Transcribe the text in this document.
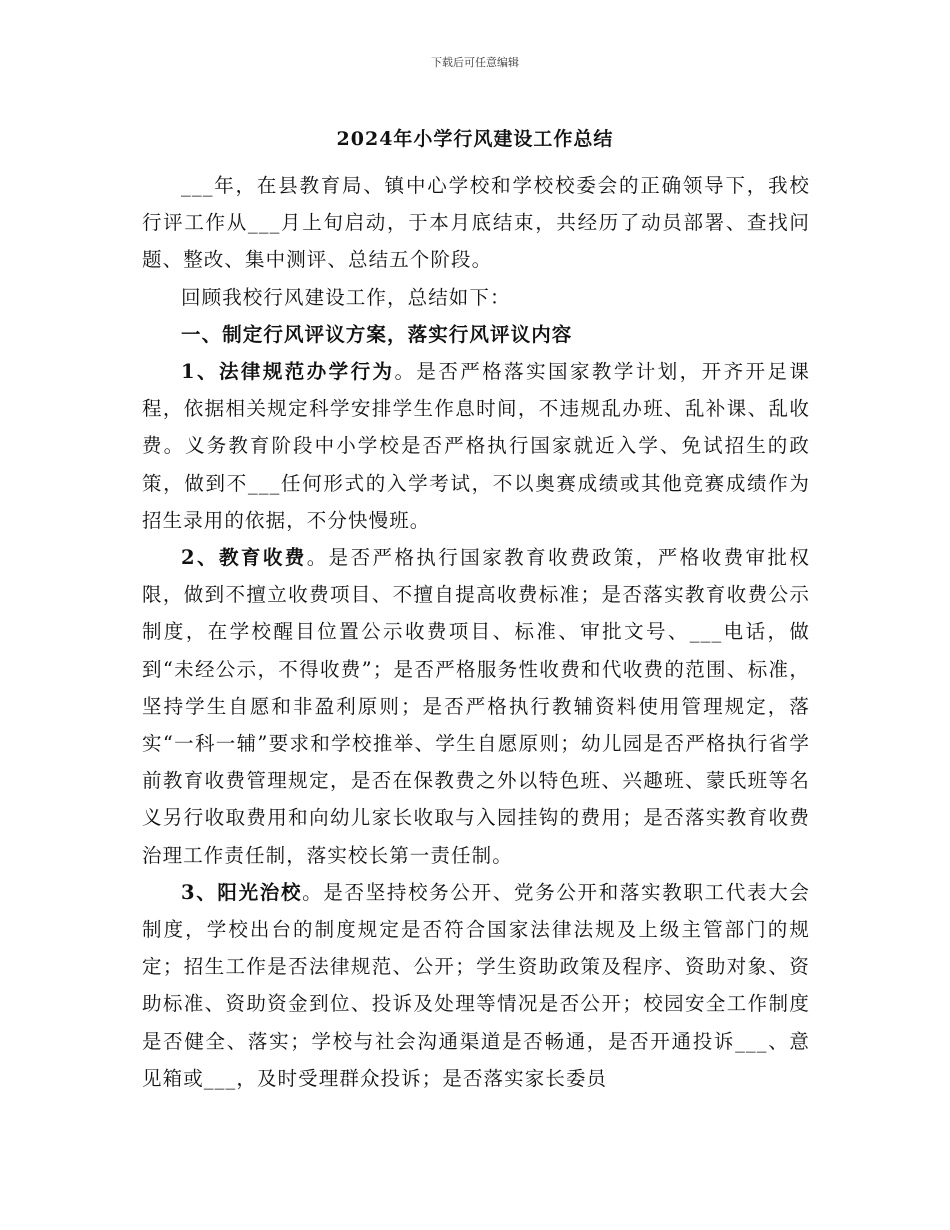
下载后可任意编辑
2024年小学行风建设工作总结

___年，在县教育局、镇中心学校和学校校委会的正确领导下，我校行评工作从___月上旬启动，于本月底结束，共经历了动员部署、查找问题、整改、集中测评、总结五个阶段。

回顾我校行风建设工作，总结如下：

一、制定行风评议方案，落实行风评议内容

1、法律规范办学行为。是否严格落实国家教学计划，开齐开足课程，依据相关规定科学安排学生作息时间，不违规乱办班、乱补课、乱收费。义务教育阶段中小学校是否严格执行国家就近入学、免试招生的政策，做到不___任何形式的入学考试，不以奥赛成绩或其他竞赛成绩作为招生录用的依据，不分快慢班。

2、教育收费。是否严格执行国家教育收费政策，严格收费审批权限，做到不擅立收费项目、不擅自提高收费标准；是否落实教育收费公示制度，在学校醒目位置公示收费项目、标准、审批文号、___电话，做到“未经公示，不得收费”；是否严格服务性收费和代收费的范围、标准，坚持学生自愿和非盈利原则；是否严格执行教辅资料使用管理规定，落实“一科一辅”要求和学校推举、学生自愿原则；幼儿园是否严格执行省学前教育收费管理规定，是否在保教费之外以特色班、兴趣班、蒙氏班等名义另行收取费用和向幼儿家长收取与入园挂钩的费用；是否落实教育收费治理工作责任制，落实校长第一责任制。

3、阳光治校。是否坚持校务公开、党务公开和落实教职工代表大会制度，学校出台的制度规定是否符合国家法律法规及上级主管部门的规定；招生工作是否法律规范、公开；学生资助政策及程序、资助对象、资助标准、资助资金到位、投诉及处理等情况是否公开；校园安全工作制度是否健全、落实；学校与社会沟通渠道是否畅通，是否开通投诉___、意见箱或___，及时受理群众投诉；是否落实家长委员
